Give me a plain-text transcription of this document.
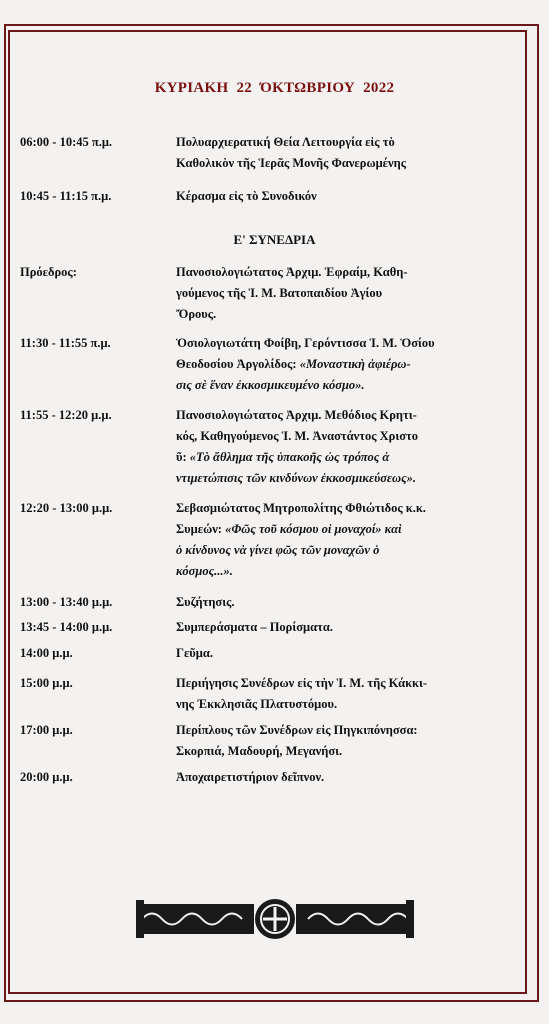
ΚΥΡΙΑΚΗ 22 ΌΚΤΩΒΡΙΟΥ 2022
Ε' ΣΥΝΕΔΡΙΑ
06:00 - 10:45 π.μ.	Πολυαρχιερατική Θεία Λειτουργία εἰς τὸ
Καθολικὸν τῆς Ἱερᾶς Μονῆς Φανερωμένης
10:45 - 11:15 π.μ.	Κέρασμα εἰς τὸ Συνοδικόν
Πρόεδρος:	Πανοσιολογιώτατος Ἀρχιμ. Ἐφραίμ, Καθη-
γούμενος τῆς Ἱ. Μ. Βατοπαιδίου Ἁγίου
Ὄρους.
11:30 - 11:55 π.μ.	Ὁσιολογιωτάτη Φοίβη, Γερόντισσα Ἱ. Μ. Ὁσίου
Θεοδοσίου Ἀργολίδος: «Μοναστικὴ ἀφιέρω-
σις σὲ ἕναν ἐκκοσμικευμένο κόσμο».
11:55 - 12:20 μ.μ.	Πανοσιολογιώτατος Ἀρχιμ. Μεθόδιος Κρητι-
κός, Καθηγούμενος Ἱ. Μ. Ἀναστάντος Χριστο
ῦ: «Τὸ ἄθλημα τῆς ὑπακοῆς ὡς τρόπος ἀ
ντιμετώπισις τῶν κινδύνων ἐκκοσμικεύσεως».
12:20 - 13:00 μ.μ.	Σεβασμιώτατος Μητροπολίτης Φθιώτιδος κ.κ.
Συμεών: «Φῶς τοῦ κόσμου οἱ μοναχοί» καὶ
ὁ κίνδυνος νὰ γίνει φῶς τῶν μοναχῶν ὁ
κόσμος...».
13:00 - 13:40 μ.μ.	Συζήτησις.
13:45 - 14:00 μ.μ.	Συμπεράσματα – Πορίσματα.
14:00 μ.μ.	Γεῦμα.
15:00 μ.μ.	Περιήγησις Συνέδρων εἰς τὴν Ἱ. Μ. τῆς Κάκκι-
νης Ἐκκλησιᾶς Πλατυστόμου.
17:00 μ.μ.	Περίπλους τῶν Συνέδρων εἰς Πηγκιπόνησσα:
Σκορπιά, Μαδουρή, Μεγανήσι.
20:00 μ.μ.	Ἀποχαιρετιστήριον δεῖπνον.
